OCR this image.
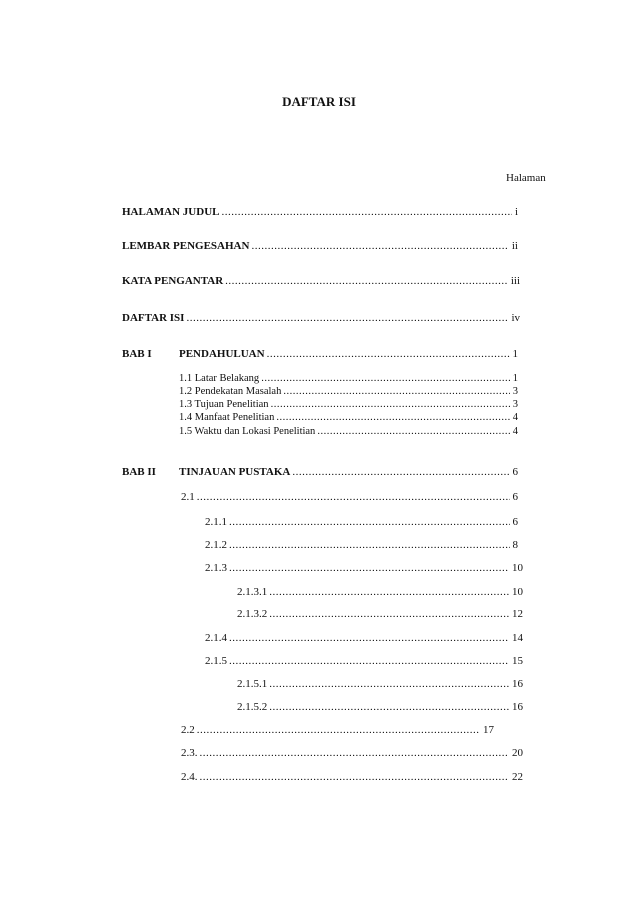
DAFTAR ISI
Halaman
HALAMAN JUDUL .....	i
LEMBAR PENGESAHAN .....	ii
KATA PENGANTAR .....	iii
DAFTAR ISI .....	iv
BAB I PENDAHULUAN .....	1
1.1 Latar Belakang .....	1
1.2 Pendekatan Masalah .....	3
1.3 Tujuan Penelitian .....	3
1.4 Manfaat Penelitian .....	4
1.5 Waktu dan Lokasi Penelitian .....	4
BAB II TINJAUAN PUSTAKA .....	6
2.1 .....	6
2.1.1 .....	6
2.1.2 .....	8
2.1.3 .....	10
2.1.3.1 .....	10
2.1.3.2 .....	12
2.1.4 .....	14
2.1.5 .....	15
2.1.5.1 .....	16
2.1.5.2 .....	16
2.2 .....	17
2.3. .....	20
2.4. .....	22
